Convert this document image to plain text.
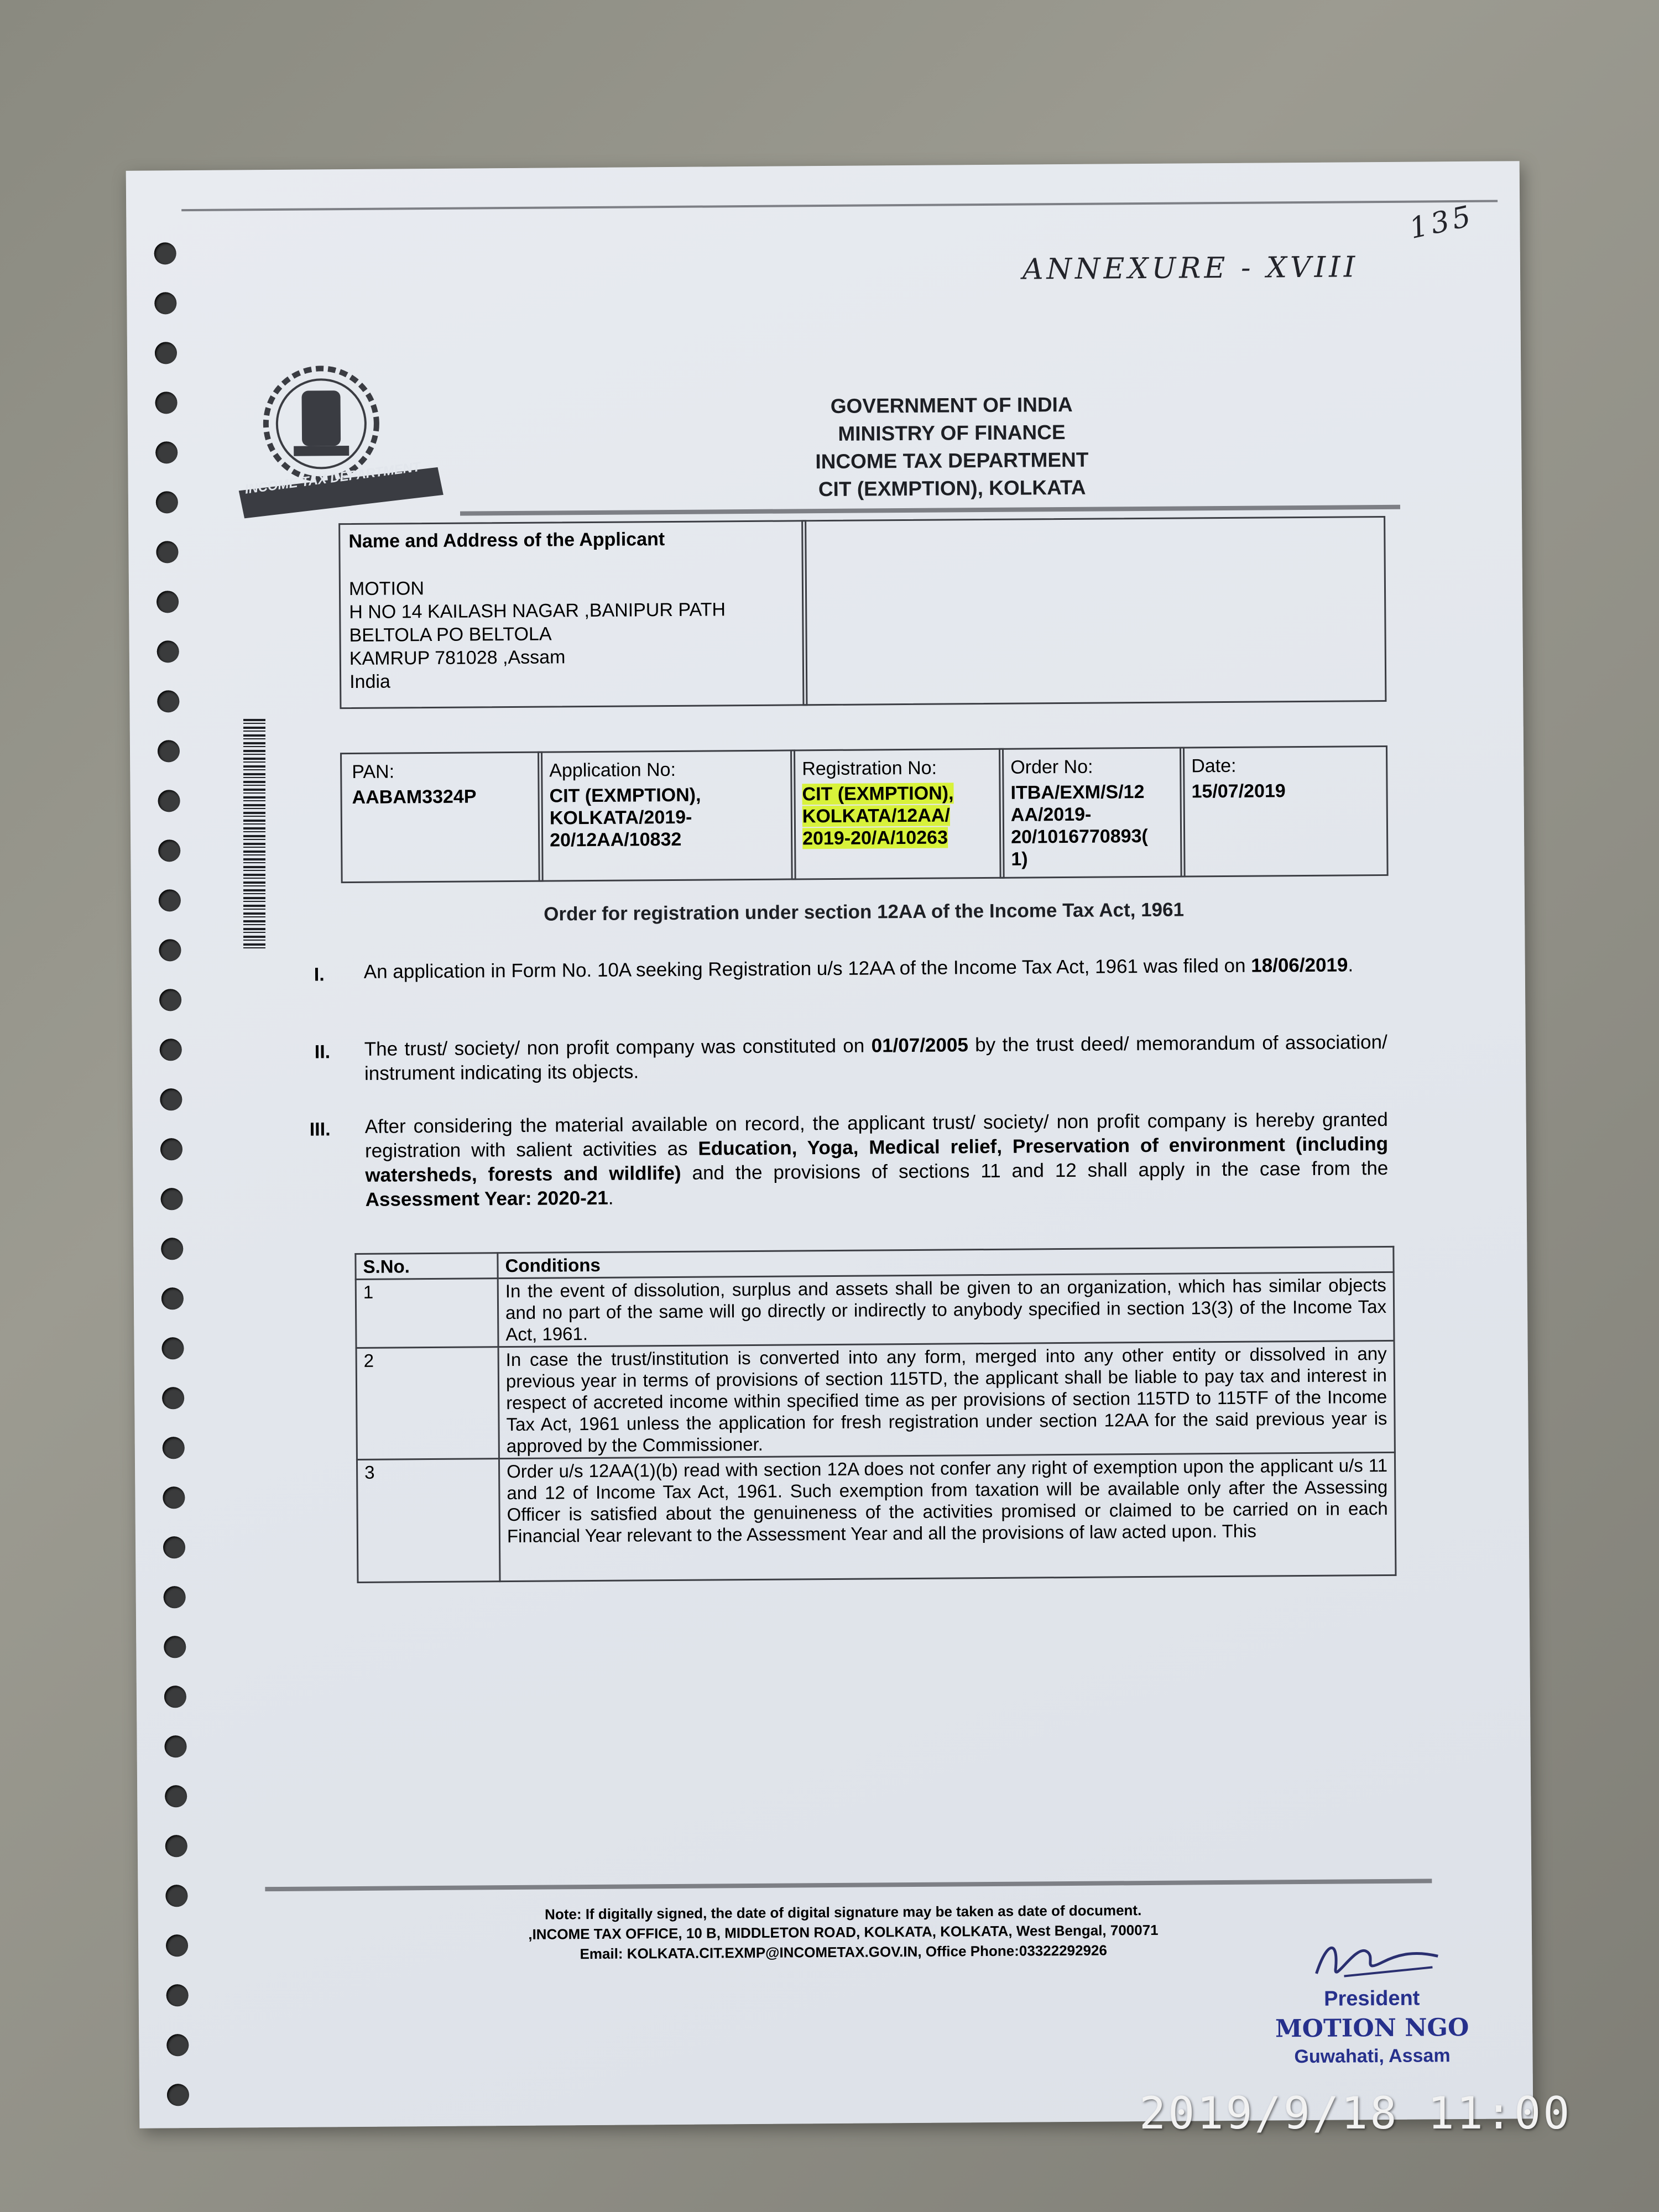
ANNEXURE - XVIII
135
INCOME TAX DEPARTMENT
GOVERNMENT OF INDIA
MINISTRY OF FINANCE
INCOME TAX DEPARTMENT
CIT (EXMPTION), KOLKATA
Name and Address of the Applicant
MOTION
H NO 14 KAILASH NAGAR ,BANIPUR PATH
BELTOLA PO BELTOLA
KAMRUP 781028 ,Assam
India
PAN:
AABAM3324P
Application No:
CIT (EXMPTION),
KOLKATA/2019-
20/12AA/10832
Registration No:
CIT (EXMPTION),
KOLKATA/12AA/
2019-20/A/10263
Order No:
ITBA/EXM/S/12
AA/2019-
20/1016770893(
1)
Date:
15/07/2019
Order for registration under section 12AA of the Income Tax Act, 1961
I. An application in Form No. 10A seeking Registration u/s 12AA of the Income Tax Act, 1961 was filed on 18/06/2019.
II. The trust/ society/ non profit company was constituted on 01/07/2005 by the trust deed/ memorandum of association/ instrument indicating its objects.
III. After considering the material available on record, the applicant trust/ society/ non profit company is hereby granted registration with salient activities as Education, Yoga, Medical relief, Preservation of environment (including watersheds, forests and wildlife) and the provisions of sections 11 and 12 shall apply in the case from the Assessment Year: 2020-21.
S.No.	Conditions
1	In the event of dissolution, surplus and assets shall be given to an organization, which has similar objects and no part of the same will go directly or indirectly to anybody specified in section 13(3) of the Income Tax Act, 1961.
2	In case the trust/institution is converted into any form, merged into any other entity or dissolved in any previous year in terms of provisions of section 115TD, the applicant shall be liable to pay tax and interest in respect of accreted income within specified time as per provisions of section 115TD to 115TF of the Income Tax Act, 1961 unless the application for fresh registration under section 12AA for the said previous year is approved by the Commissioner.
3	Order u/s 12AA(1)(b) read with section 12A does not confer any right of exemption upon the applicant u/s 11 and 12 of Income Tax Act, 1961. Such exemption from taxation will be available only after the Assessing Officer is satisfied about the genuineness of the activities promised or claimed to be carried on in each Financial Year relevant to the Assessment Year and all the provisions of law acted upon. This
Note: If digitally signed, the date of digital signature may be taken as date of document.
,INCOME TAX OFFICE, 10 B, MIDDLETON ROAD, KOLKATA, KOLKATA, West Bengal, 700071
Email: KOLKATA.CIT.EXMP@INCOMETAX.GOV.IN, Office Phone:03322292926
President
MOTION NGO
Guwahati, Assam
2019/9/18 11:00
